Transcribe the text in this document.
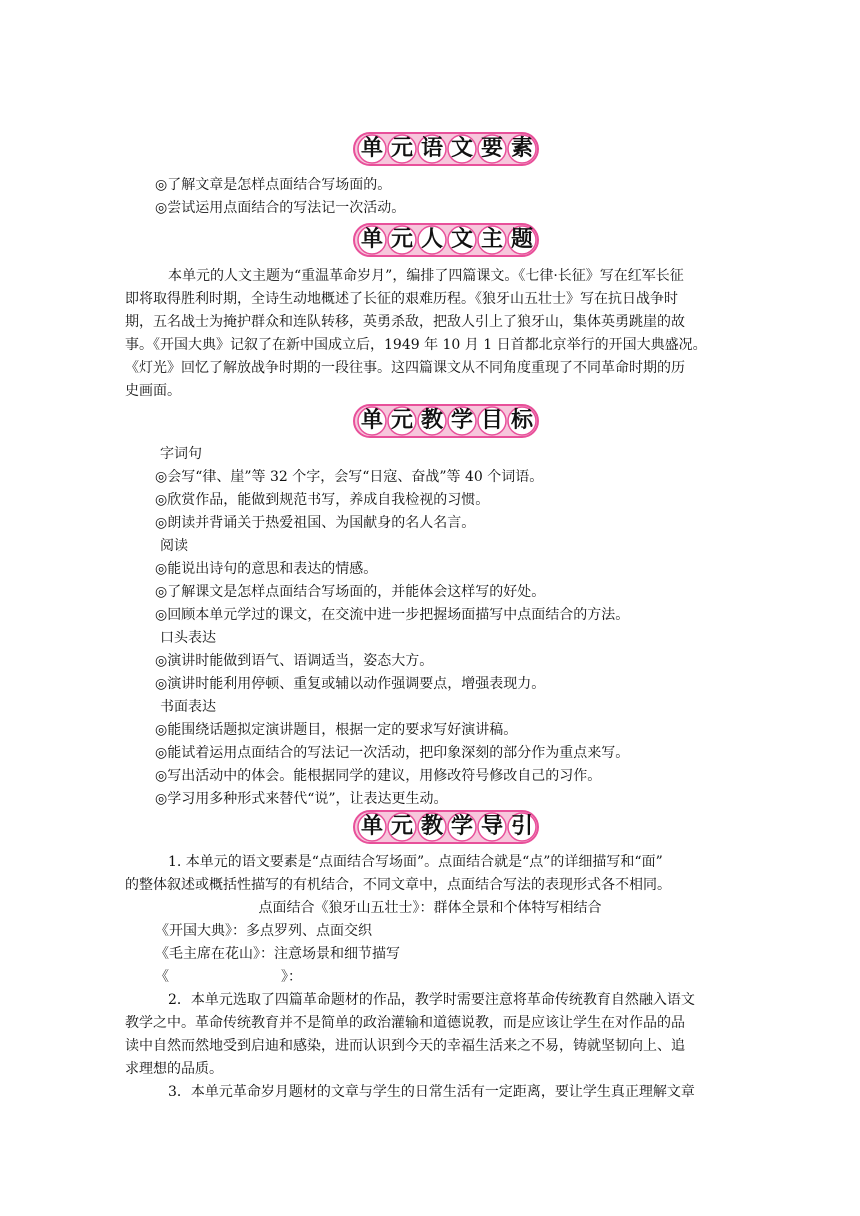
单 元 语 文 要 素
◎了解文章是怎样点面结合写场面的。
◎尝试运用点面结合的写法记一次活动。
单 元 人 文 主 题
本单元的人文主题为“重温革命岁月”，编排了四篇课文。《七律·长征》写在红军长征
即将取得胜利时期，全诗生动地概述了长征的艰难历程。《狼牙山五壮士》写在抗日战争时
期，五名战士为掩护群众和连队转移，英勇杀敌，把敌人引上了狼牙山，集体英勇跳崖的故
事。《开国大典》记叙了在新中国成立后，1949 年 10 月 1 日首都北京举行的开国大典盛况。
《灯光》回忆了解放战争时期的一段往事。这四篇课文从不同角度重现了不同革命时期的历
史画面。
单 元 教 学 目 标
字词句
◎会写“律、崖”等 32 个字，会写“日寇、奋战”等 40 个词语。
◎欣赏作品，能做到规范书写，养成自我检视的习惯。
◎朗读并背诵关于热爱祖国、为国献身的名人名言。
阅读
◎能说出诗句的意思和表达的情感。
◎了解课文是怎样点面结合写场面的，并能体会这样写的好处。
◎回顾本单元学过的课文，在交流中进一步把握场面描写中点面结合的方法。
口头表达
◎演讲时能做到语气、语调适当，姿态大方。
◎演讲时能利用停顿、重复或辅以动作强调要点，增强表现力。
书面表达
◎能围绕话题拟定演讲题目，根据一定的要求写好演讲稿。
◎能试着运用点面结合的写法记一次活动，把印象深刻的部分作为重点来写。
◎写出活动中的体会。能根据同学的建议，用修改符号修改自己的习作。
◎学习用多种形式来替代“说”，让表达更生动。
单 元 教 学 导 引
1. 本单元的语文要素是“点面结合写场面”。点面结合就是“点”的详细描写和“面”
的整体叙述或概括性描写的有机结合，不同文章中，点面结合写法的表现形式各不相同。
点面结合《狼牙山五壮士》：群体全景和个体特写相结合
《开国大典》：多点罗列、点面交织
《毛主席在花山》：注意场景和细节描写
《　　　　　　　　》：
2．本单元选取了四篇革命题材的作品，教学时需要注意将革命传统教育自然融入语文
教学之中。革命传统教育并不是简单的政治灌输和道德说教，而是应该让学生在对作品的品
读中自然而然地受到启迪和感染，进而认识到今天的幸福生活来之不易，铸就坚韧向上、追
求理想的品质。
3．本单元革命岁月题材的文章与学生的日常生活有一定距离，要让学生真正理解文章
